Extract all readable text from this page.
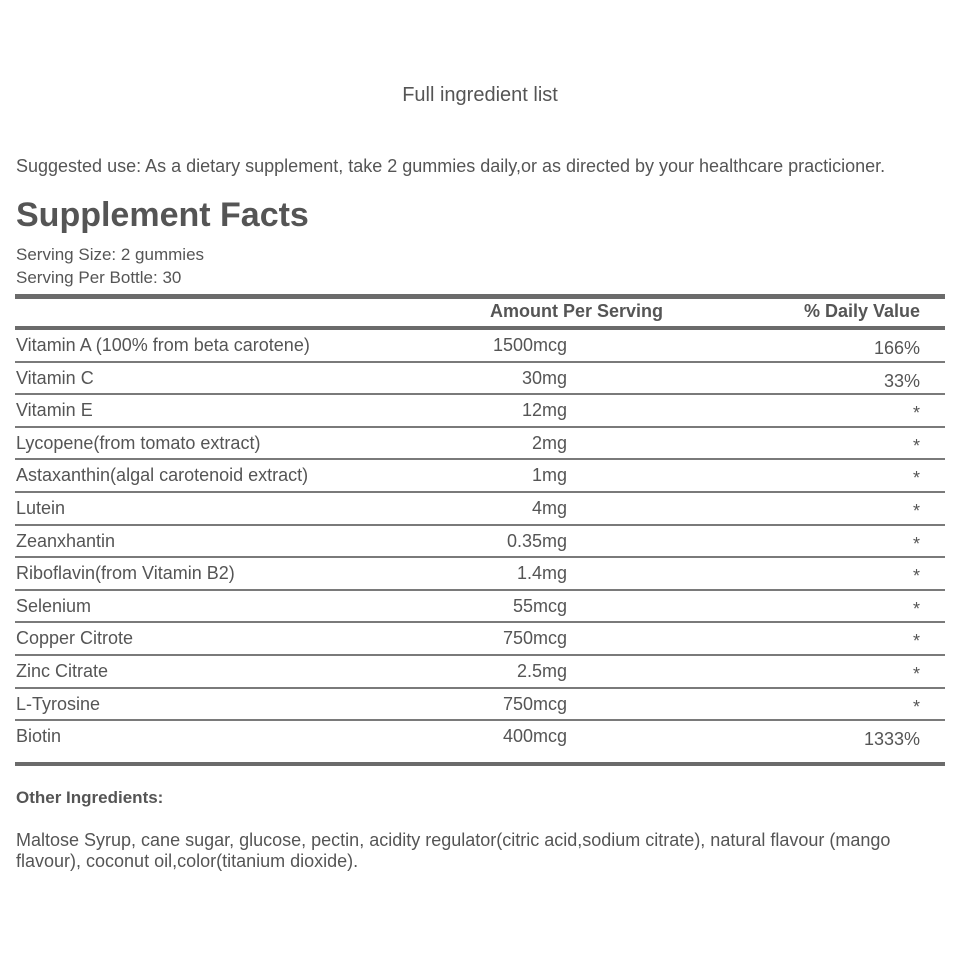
Full ingredient list
Suggested use: As a dietary supplement, take 2 gummies daily,or as directed by your healthcare practicioner.
Supplement Facts
Serving Size: 2 gummies
Serving Per Bottle: 30
Amount Per Serving	% Daily Value
Vitamin A (100% from beta carotene)	1500mcg	166%
Vitamin C	30mg	33%
Vitamin E	12mg	*
Lycopene(from tomato extract)	2mg	*
Astaxanthin(algal carotenoid extract)	1mg	*
Lutein	4mg	*
Zeanxhantin	0.35mg	*
Riboflavin(from Vitamin B2)	1.4mg	*
Selenium	55mcg	*
Copper Citrote	750mcg	*
Zinc Citrate	2.5mg	*
L-Tyrosine	750mcg	*
Biotin	400mcg	1333%
Other Ingredients:
Maltose Syrup, cane sugar, glucose, pectin, acidity regulator(citric acid,sodium citrate), natural flavour (mango flavour), coconut oil,color(titanium dioxide).
